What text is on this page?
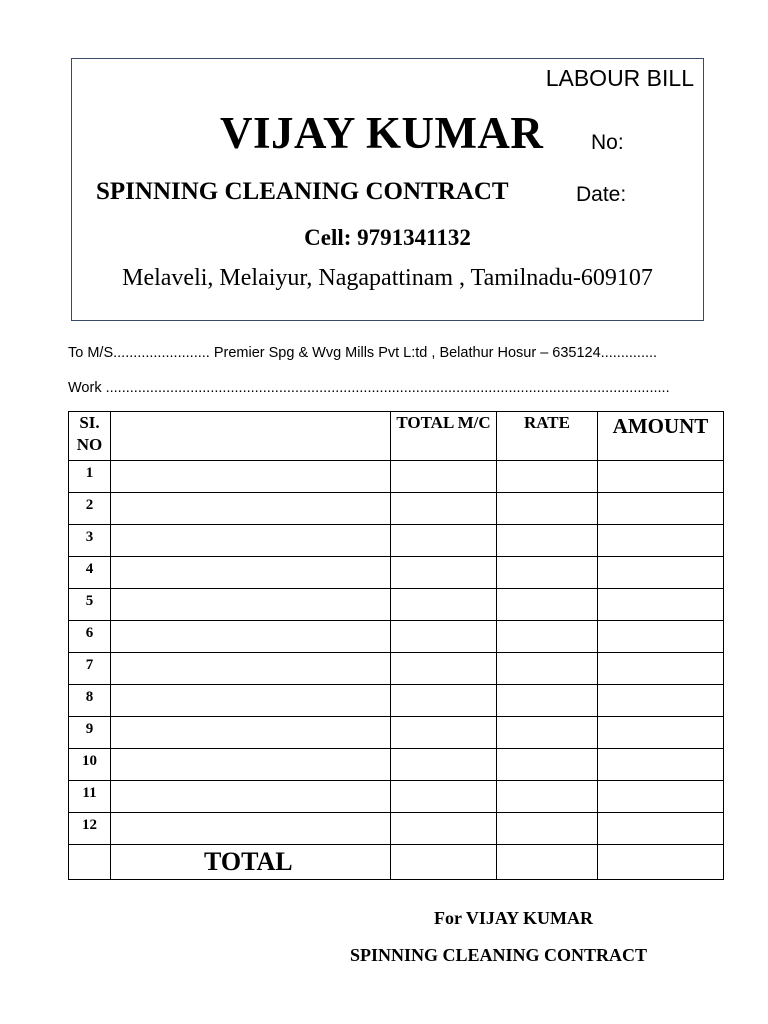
LABOUR BILL
VIJAY KUMAR No:
SPINNING CLEANING CONTRACT	Date:
Cell: 9791341132
Melaveli, Melaiyur, Nagapattinam , Tamilnadu-609107
To M/S........................ Premier Spg & Wvg Mills Pvt L:td , Belathur Hosur – 635124..............
Work ............................................................................................................................................
SI. NO		TOTAL M/C	RATE	AMOUNT
1				
2				
3				
4				
5				
6				
7				
8				
9				
10				
11				
12				
	TOTAL			
For VIJAY KUMAR
SPINNING CLEANING CONTRACT
